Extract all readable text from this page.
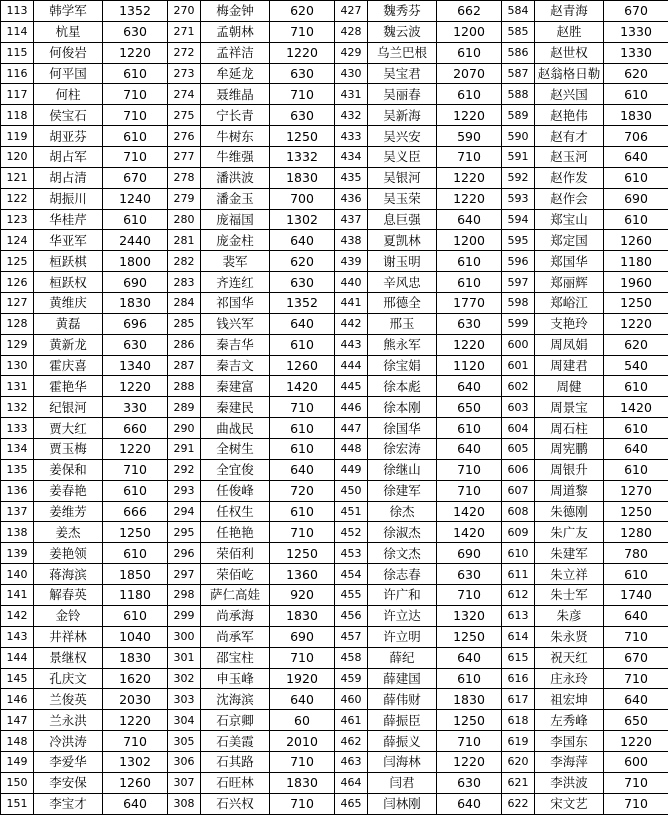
113	韩学军	1352	270	梅金钟	620	427	魏秀芬	662	584	赵青海	670
114	杭星	630	271	孟朝林	710	428	魏云波	1200	585	赵胜	1330
115	何俊岩	1220	272	孟祥洁	1220	429	乌兰巴根	610	586	赵世权	1330
116	何平国	610	273	牟延龙	630	430	吴宝君	2070	587	赵翁格日勒	620
117	何柱	710	274	聂维晶	710	431	吴丽春	610	588	赵兴国	610
118	侯宝石	710	275	宁长青	630	432	吴新海	1220	589	赵艳伟	1830
119	胡亚芬	610	276	牛树东	1250	433	吴兴安	590	590	赵有才	706
120	胡占军	710	277	牛维强	1332	434	吴义臣	710	591	赵玉河	640
121	胡占清	670	278	潘洪波	1830	435	吴银河	1220	592	赵作发	610
122	胡振川	1240	279	潘金玉	700	436	吴玉荣	1220	593	赵作会	690
123	华桂芹	610	280	庞福国	1302	437	息巨强	640	594	郑宝山	610
124	华亚军	2440	281	庞金柱	640	438	夏凯林	1200	595	郑定国	1260
125	桓跃棋	1800	282	裴军	620	439	谢玉明	610	596	郑国华	1180
126	桓跃权	690	283	齐连红	630	440	辛风忠	610	597	郑丽辉	1960
127	黄维庆	1830	284	祁国华	1352	441	邢德全	1770	598	郑峪江	1250
128	黄磊	696	285	钱兴军	640	442	邢玉	630	599	支艳玲	1220
129	黄新龙	630	286	秦吉华	610	443	熊永军	1220	600	周凤娟	620
130	霍庆喜	1340	287	秦吉文	1260	444	徐宝娟	1120	601	周建君	540
131	霍艳华	1220	288	秦建富	1420	445	徐本彪	640	602	周健	610
132	纪银河	330	289	秦建民	710	446	徐本刚	650	603	周景宝	1420
133	贾大红	660	290	曲战民	610	447	徐国华	610	604	周石柱	610
134	贾玉梅	1220	291	全树生	610	448	徐宏涛	640	605	周宪鹏	640
135	姜保和	710	292	全宜俊	640	449	徐继山	710	606	周银升	610
136	姜春艳	610	293	任俊峰	720	450	徐建军	710	607	周道黎	1270
137	姜维芳	666	294	任权生	610	451	徐杰	1420	608	朱德刚	1250
138	姜杰	1250	295	任艳艳	710	452	徐淑杰	1420	609	朱广友	1280
139	姜艳领	610	296	荣佰利	1250	453	徐文杰	690	610	朱建军	780
140	蒋海滨	1850	297	荣佰屹	1360	454	徐志春	630	611	朱立祥	610
141	解春英	1180	298	萨仁高娃	920	455	许广和	710	612	朱士军	1740
142	金铃	610	299	尚承海	1830	456	许立达	1320	613	朱彦	640
143	井祥林	1040	300	尚承军	690	457	许立明	1250	614	朱永贤	710
144	景继权	1830	301	邵宝柱	710	458	薛纪	640	615	祝天红	670
145	孔庆文	1620	302	申玉峰	1920	459	薛建国	610	616	庄永玲	710
146	兰俊英	2030	303	沈海滨	640	460	薛伟财	1830	617	祖宏坤	640
147	兰永洪	1220	304	石京卿	60	461	薛振臣	1250	618	左秀峰	650
148	冷洪涛	710	305	石美霞	2010	462	薛振义	710	619	李国东	1220
149	李爱华	1302	306	石其路	710	463	闫海林	1220	620	李海萍	600
150	李安保	1260	307	石旺林	1830	464	闫君	630	621	李洪波	710
151	李宝才	640	308	石兴权	710	465	闫林刚	640	622	宋文艺	710
